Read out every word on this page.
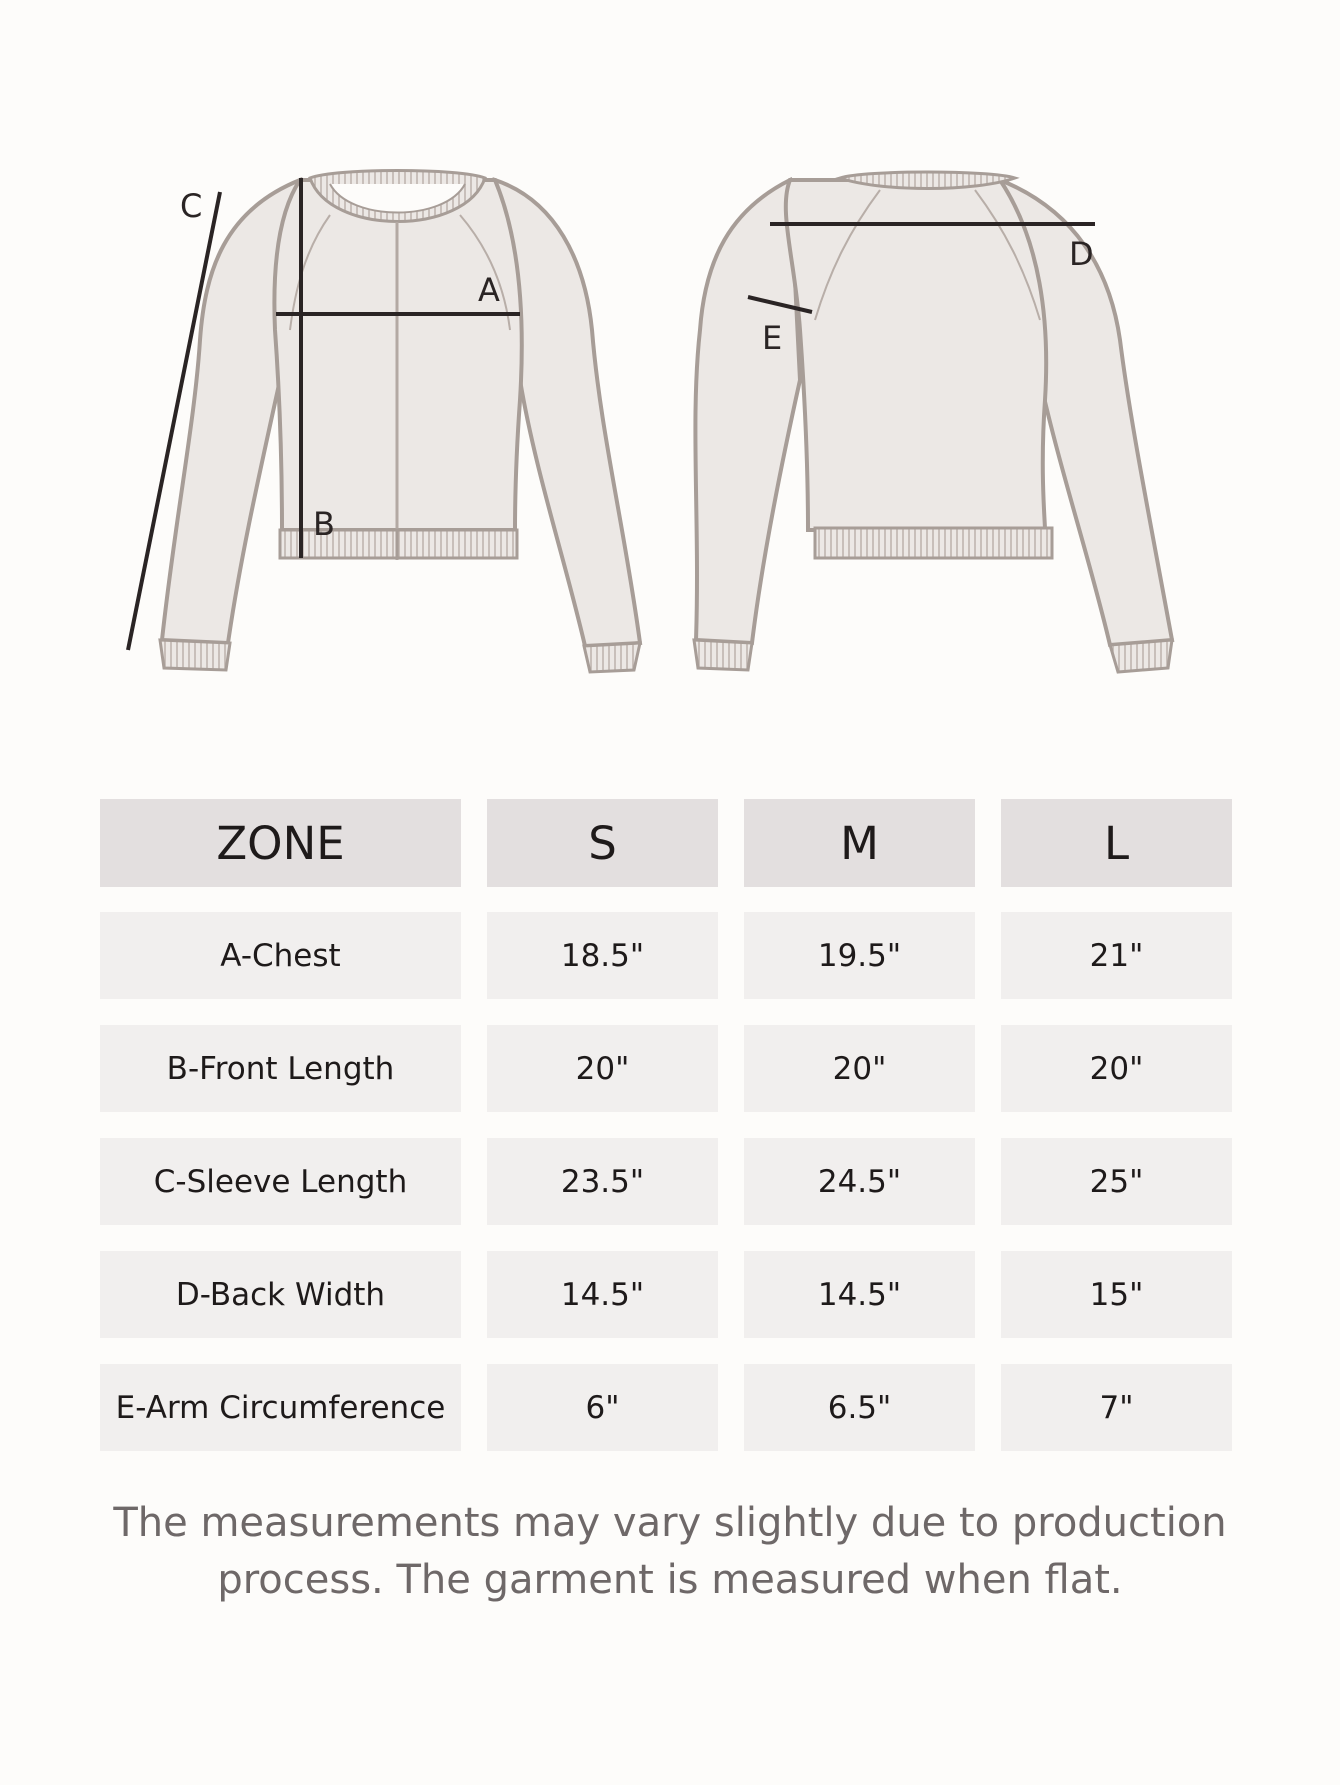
C
A
B
D
E
ZONE	S	M	L
A-Chest	18.5"	19.5"	21"
B-Front Length	20"	20"	20"
C-Sleeve Length	23.5"	24.5"	25"
D-Back Width	14.5"	14.5"	15"
E-Arm Circumference	6"	6.5"	7"
The measurements may vary slightly due to production
process. The garment is measured when flat.
